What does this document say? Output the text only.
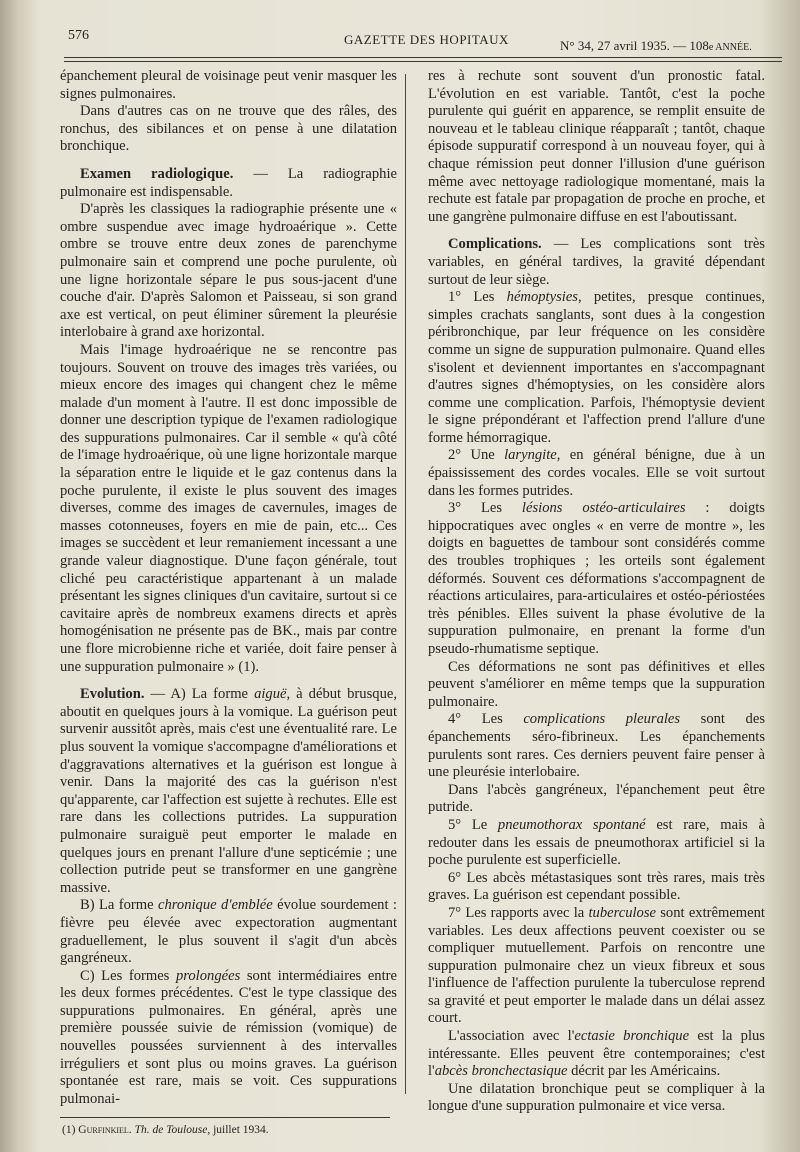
576	GAZETTE DES HOPITAUX	N° 34, 27 avril 1935. — 108e ANNÉE.

épanchement pleural de voisinage peut venir masquer les signes pulmonaires.

Dans d'autres cas on ne trouve que des râles, des ronchus, des sibilances et on pense à une dilatation bronchique.

Examen radiologique. — La radiographie pulmonaire est indispensable.

D'après les classiques la radiographie présente une « ombre suspendue avec image hydroaérique ». Cette ombre se trouve entre deux zones de parenchyme pulmonaire sain et comprend une poche purulente, où une ligne horizontale sépare le pus sous-jacent d'une couche d'air. D'après Salomon et Paisseau, si son grand axe est vertical, on peut éliminer sûrement la pleurésie interlobaire à grand axe horizontal.

Mais l'image hydroaérique ne se rencontre pas toujours. Souvent on trouve des images très variées, ou mieux encore des images qui changent chez le même malade d'un moment à l'autre. Il est donc impossible de donner une description typique de l'examen radiologique des suppurations pulmonaires. Car il semble « qu'à côté de l'image hydroaérique, où une ligne horizontale marque la séparation entre le liquide et le gaz contenus dans la poche purulente, il existe le plus souvent des images diverses, comme des images de cavernules, images de masses cotonneuses, foyers en mie de pain, etc... Ces images se succèdent et leur remaniement incessant a une grande valeur diagnostique. D'une façon générale, tout cliché peu caractéristique appartenant à un malade présentant les signes cliniques d'un cavitaire, surtout si ce cavitaire après de nombreux examens directs et après homogénisation ne présente pas de BK., mais par contre une flore microbienne riche et variée, doit faire penser à une suppuration pulmonaire » (1).

Evolution. — A) La forme aiguë, à début brusque, aboutit en quelques jours à la vomique. La guérison peut survenir aussitôt après, mais c'est une éventualité rare. Le plus souvent la vomique s'accompagne d'améliorations et d'aggravations alternatives et la guérison est longue à venir. Dans la majorité des cas la guérison n'est qu'apparente, car l'affection est sujette à rechutes. Elle est rare dans les collections putrides. La suppuration pulmonaire suraiguë peut emporter le malade en quelques jours en prenant l'allure d'une septicémie ; une collection putride peut se transformer en une gangrène massive.

B) La forme chronique d'emblée évolue sourdement : fièvre peu élevée avec expectoration augmentant graduellement, le plus souvent il s'agit d'un abcès gangréneux.

C) Les formes prolongées sont intermédiaires entre les deux formes précédentes. C'est le type classique des suppurations pulmonaires. En général, après une première poussée suivie de rémission (vomique) de nouvelles poussées surviennent à des intervalles irréguliers et sont plus ou moins graves. La guérison spontanée est rare, mais se voit. Ces suppurations pulmonai-

(1) Gurfinkiel. Th. de Toulouse, juillet 1934.

res à rechute sont souvent d'un pronostic fatal. L'évolution en est variable. Tantôt, c'est la poche purulente qui guérit en apparence, se remplit ensuite de nouveau et le tableau clinique réapparaît ; tantôt, chaque épisode suppuratif correspond à un nouveau foyer, qui à chaque rémission peut donner l'illusion d'une guérison même avec nettoyage radiologique momentané, mais la rechute est fatale par propagation de proche en proche, et une gangrène pulmonaire diffuse en est l'aboutissant.

Complications. — Les complications sont très variables, en général tardives, la gravité dépendant surtout de leur siège.

1° Les hémoptysies, petites, presque continues, simples crachats sanglants, sont dues à la congestion péribronchique, par leur fréquence on les considère comme un signe de suppuration pulmonaire. Quand elles s'isolent et deviennent importantes en s'accompagnant d'autres signes d'hémoptysies, on les considère alors comme une complication. Parfois, l'hémoptysie devient le signe prépondérant et l'affection prend l'allure d'une forme hémorragique.

2° Une laryngite, en général bénigne, due à un épaississement des cordes vocales. Elle se voit surtout dans les formes putrides.

3° Les lésions ostéo-articulaires : doigts hippocratiques avec ongles « en verre de montre », les doigts en baguettes de tambour sont considérés comme des troubles trophiques ; les orteils sont également déformés. Souvent ces déformations s'accompagnent de réactions articulaires, para-articulaires et ostéo-périostées très pénibles. Elles suivent la phase évolutive de la suppuration pulmonaire, en prenant la forme d'un pseudo-rhumatisme septique.

Ces déformations ne sont pas définitives et elles peuvent s'améliorer en même temps que la suppuration pulmonaire.

4° Les complications pleurales sont des épanchements séro-fibrineux. Les épanchements purulents sont rares. Ces derniers peuvent faire penser à une pleurésie interlobaire.

Dans l'abcès gangréneux, l'épanchement peut être putride.

5° Le pneumothorax spontané est rare, mais à redouter dans les essais de pneumothorax artificiel si la poche purulente est superficielle.

6° Les abcès métastasiques sont très rares, mais très graves. La guérison est cependant possible.

7° Les rapports avec la tuberculose sont extrêmement variables. Les deux affections peuvent coexister ou se compliquer mutuellement. Parfois on rencontre une suppuration pulmonaire chez un vieux fibreux et sous l'influence de l'affection purulente la tuberculose reprend sa gravité et peut emporter le malade dans un délai assez court.

L'association avec l'ectasie bronchique est la plus intéressante. Elles peuvent être contemporaines; c'est l'abcès bronchectasique décrit par les Américains.

Une dilatation bronchique peut se compliquer à la longue d'une suppuration pulmonaire et vice versa.
